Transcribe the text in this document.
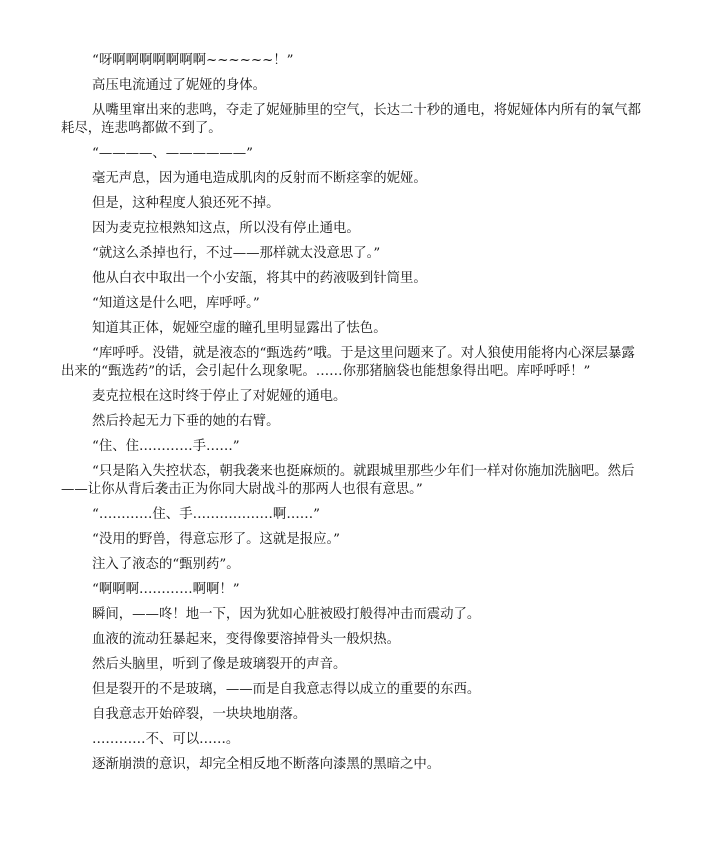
“呀啊啊啊啊啊啊啊~~~~~~！”

高压电流通过了妮娅的身体。

从嘴里窜出来的悲鸣，夺走了妮娅肺里的空气，长达二十秒的通电，将妮娅体内所有的氧气都耗尽，连悲鸣都做不到了。

“————、——————”

毫无声息，因为通电造成肌肉的反射而不断痉挛的妮娅。

但是，这种程度人狼还死不掉。

因为麦克拉根熟知这点，所以没有停止通电。

“就这么杀掉也行，不过——那样就太没意思了。”

他从白衣中取出一个小安瓿，将其中的药液吸到针筒里。

“知道这是什么吧，库呼呼。”

知道其正体，妮娅空虚的瞳孔里明显露出了怯色。

“库呼呼。没错，就是液态的“甄选药”哦。于是这里问题来了。对人狼使用能将内心深层暴露出来的“甄选药”的话，会引起什么现象呢。……你那猪脑袋也能想象得出吧。库呼呼呼！”

麦克拉根在这时终于停止了对妮娅的通电。

然后拎起无力下垂的她的右臂。

“住、住…………手……”

“只是陷入失控状态，朝我袭来也挺麻烦的。就跟城里那些少年们一样对你施加洗脑吧。然后——让你从背后袭击正为你同大尉战斗的那两人也很有意思。”

“…………住、手………………啊……”

“没用的野兽，得意忘形了。这就是报应。”

注入了液态的“甄别药”。

“啊啊啊…………啊啊！”

瞬间，——咚！地一下，因为犹如心脏被殴打般得冲击而震动了。

血液的流动狂暴起来，变得像要溶掉骨头一般炽热。

然后头脑里，听到了像是玻璃裂开的声音。

但是裂开的不是玻璃，——而是自我意志得以成立的重要的东西。

自我意志开始碎裂，一块块地崩落。

…………不、可以……。

逐渐崩溃的意识，却完全相反地不断落向漆黑的黑暗之中。
